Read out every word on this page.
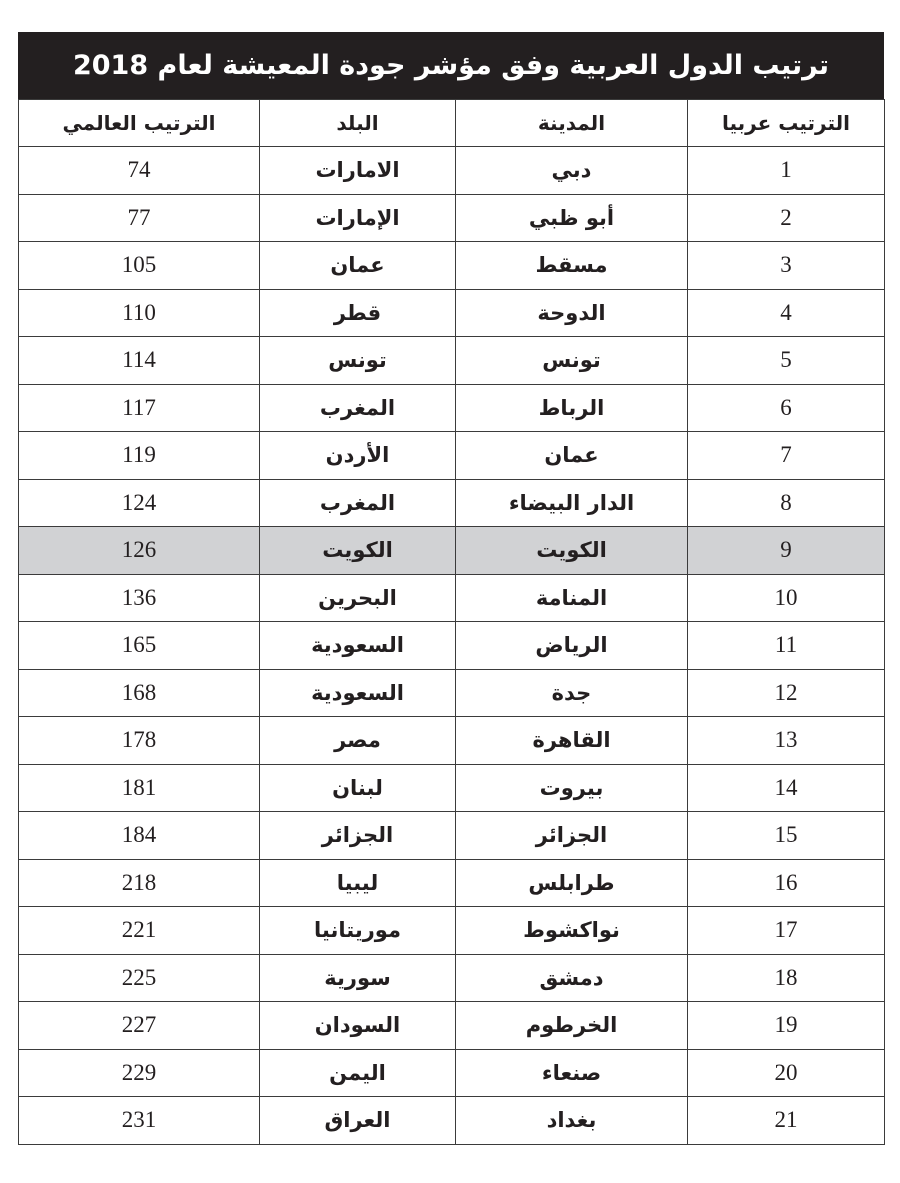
ترتيب الدول العربية وفق مؤشر جودة المعيشة لعام 2018
الترتيب عربيا	المدينة	البلد	الترتيب العالمي
1	دبي	الامارات	74
2	أبو ظبي	الإمارات	77
3	مسقط	عمان	105
4	الدوحة	قطر	110
5	تونس	تونس	114
6	الرباط	المغرب	117
7	عمان	الأردن	119
8	الدار البيضاء	المغرب	124
9	الكويت	الكويت	126
10	المنامة	البحرين	136
11	الرياض	السعودية	165
12	جدة	السعودية	168
13	القاهرة	مصر	178
14	بيروت	لبنان	181
15	الجزائر	الجزائر	184
16	طرابلس	ليبيا	218
17	نواكشوط	موريتانيا	221
18	دمشق	سورية	225
19	الخرطوم	السودان	227
20	صنعاء	اليمن	229
21	بغداد	العراق	231
